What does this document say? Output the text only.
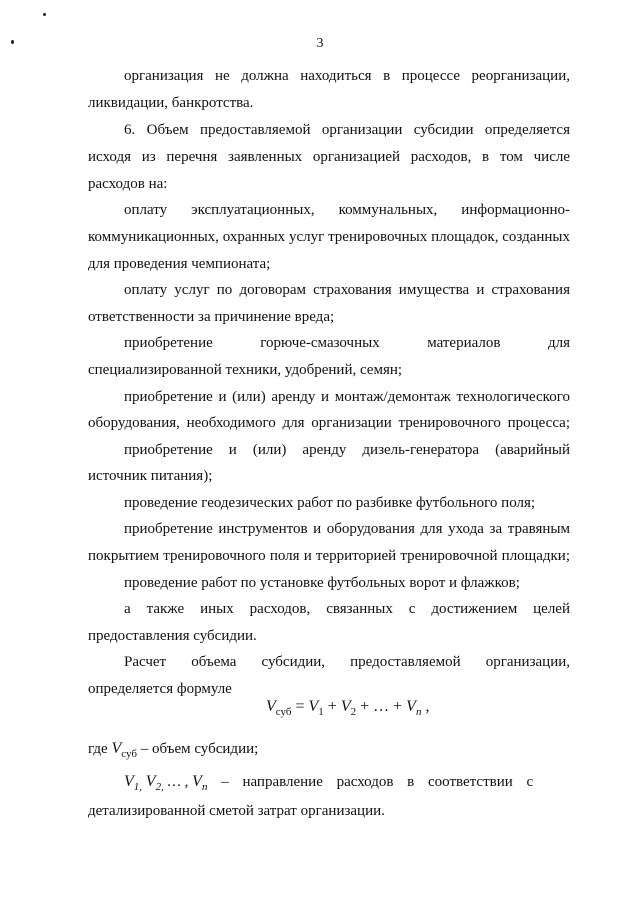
3
организация не должна находиться в процессе реорганизации,
ликвидации, банкротства.
6. Объем предоставляемой организации субсидии определяется
исходя из перечня заявленных организацией расходов, в том числе
расходов на:
оплату эксплуатационных, коммунальных, информационно-
коммуникационных, охранных услуг тренировочных площадок, созданных
для проведения чемпионата;
оплату услуг по договорам страхования имущества и страхования
ответственности за причинение вреда;
приобретение горюче-смазочных материалов для
специализированной техники, удобрений, семян;
приобретение и (или) аренду и монтаж/демонтаж технологического
оборудования, необходимого для организации тренировочного процесса;
приобретение и (или) аренду дизель-генератора (аварийный
источник питания);
проведение геодезических работ по разбивке футбольного поля;
приобретение инструментов и оборудования для ухода за травяным
покрытием тренировочного поля и территорией тренировочной площадки;
проведение работ по установке футбольных ворот и флажков;
а также иных расходов, связанных с достижением целей
предоставления субсидии.
Расчет объема субсидии, предоставляемой организации,
определяется формуле
$V_{суб} = V_1 + V_2$ + … + $V_n$ ,
где $V_{суб}$ – объем субсидии;
$V_{1,}$ $V_{2,}$ … , $V_n$ – направление расходов в соответствии с
детализированной сметой затрат организации.
